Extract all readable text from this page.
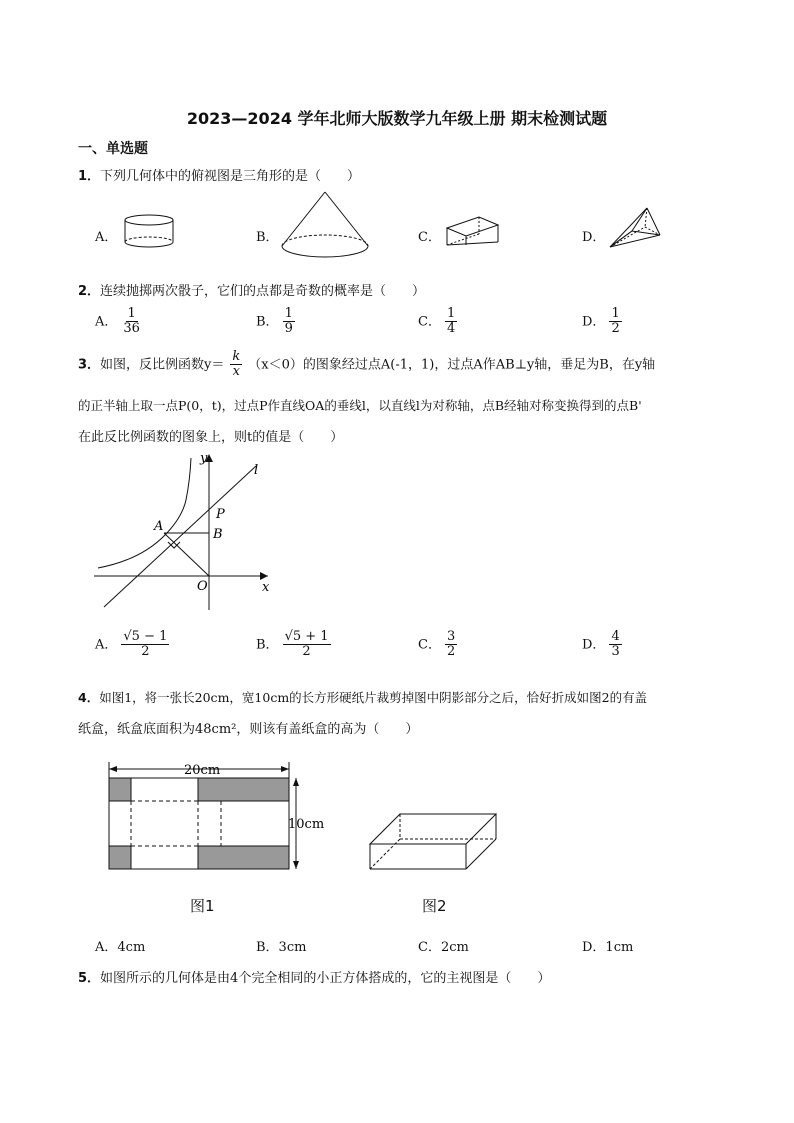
2023—2024 学年北师大版数学九年级上册 期末检测试题
一、单选题
1．下列几何体中的俯视图是三角形的是（　　）
A．	B．	C．	D．
2．连续抛掷两次骰子，它们的点都是奇数的概率是（　　）
A． $\frac{1}{36}$	B． $\frac{1}{9}$	C． $\frac{1}{4}$	D． $\frac{1}{2}$
3．如图，反比例函数$y= \frac{k}{x} (x<0)$的图象经过点A(-1，1)，过点A作AB⊥y轴，垂足为B，在y轴
的正半轴上取一点P(0，t)，过点P作直线OA的垂线l，以直线l为对称轴，点B经轴对称变换得到的点B'
在此反比例函数的图象上，则t的值是（　　）
y
x
l
P
A
B
O
A． $\frac{√5 - 1}{2}$	B． $\frac{√5 + 1}{2}$	C． $\frac{3}{2}$	D． $\frac{4}{3}$
4．如图1，将一张长20cm，宽10cm的长方形硬纸片裁剪掉图中阴影部分之后，恰好折成如图2的有盖
纸盒，纸盒底面积为48cm²，则该有盖纸盒的高为（　　）
20cm
10cm
图1	图2
A．4cm	B．3cm	C．2cm	D．1cm
5．如图所示的几何体是由4个完全相同的小正方体搭成的，它的主视图是（　　）
